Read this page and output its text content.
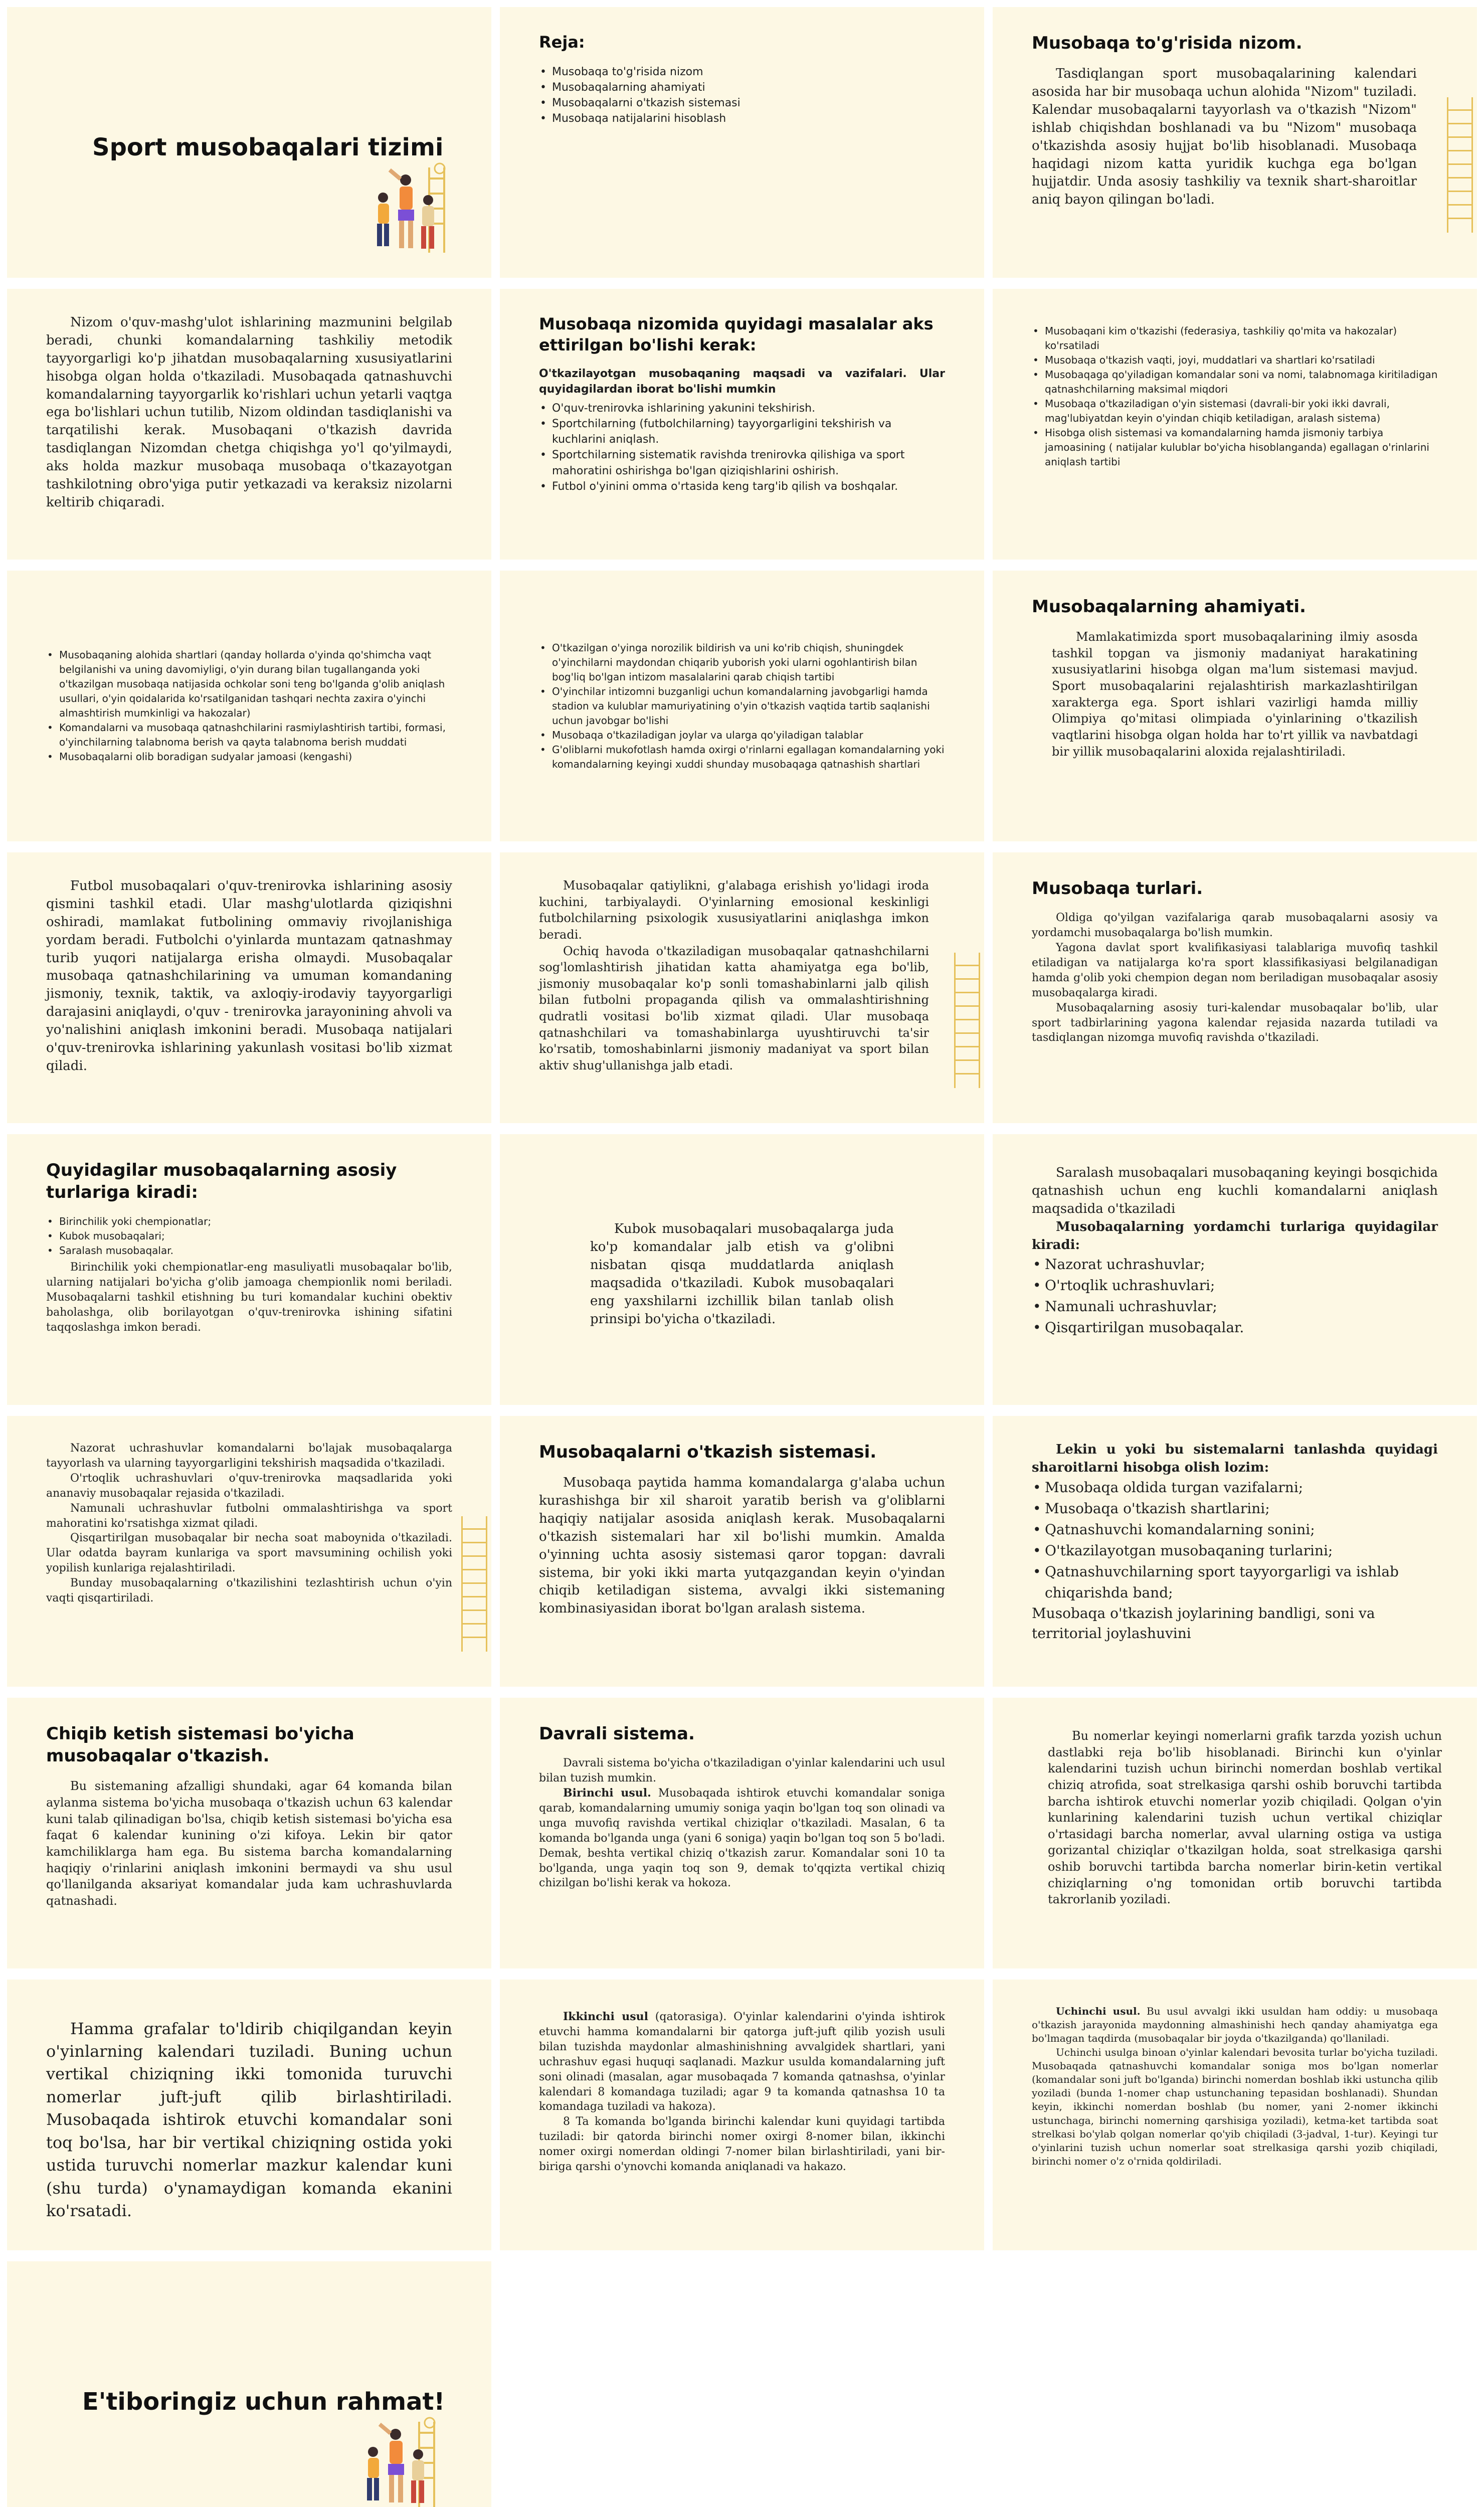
Sport musobaqalari tizimi
Reja:
• Musobaqa to'g'risida nizom
• Musobaqalarning ahamiyati
• Musobaqalarni o'tkazish sistemasi
• Musobaqa natijalarini hisoblash
Musobaqa to'g'risida nizom.
Tasdiqlangan sport musobaqalarining kalendari asosida har bir musobaqa uchun alohida "Nizom" tuziladi. Kalendar musobaqalarni tayyorlash va o'tkazish "Nizom" ishlab chiqishdan boshlanadi va bu "Nizom" musobaqa o'tkazishda asosiy hujjat bo'lib hisoblanadi. Musobaqa haqidagi nizom katta yuridik kuchga ega bo'lgan hujjatdir. Unda asosiy tashkiliy va texnik shart-sharoitlar aniq bayon qilingan bo'ladi.
Nizom o'quv-mashg'ulot ishlarining mazmunini belgilab beradi, chunki komandalarning tashkiliy metodik tayyorgarligi ko'p jihatdan musobaqalarning xususiyatlarini hisobga olgan holda o'tkaziladi. Musobaqada qatnashuvchi komandalarning tayyorgarlik ko'rishlari uchun yetarli vaqtga ega bo'lishlari uchun tutilib, Nizom oldindan tasdiqlanishi va tarqatilishi kerak. Musobaqani o'tkazish davrida tasdiqlangan Nizomdan chetga chiqishga yo'l qo'yilmaydi, aks holda mazkur musobaqa musobaqa o'tkazayotgan tashkilotning obro'yiga putir yetkazadi va keraksiz nizolarni keltirib chiqaradi.
Musobaqa nizomida quyidagi masalalar aks ettirilgan bo'lishi kerak:
O'tkazilayotgan musobaqaning maqsadi va vazifalari. Ular quyidagilardan iborat bo'lishi mumkin
• O'quv-trenirovka ishlarining yakunini tekshirish.
• Sportchilarning (futbolchilarning) tayyorgarligini tekshirish va kuchlarini aniqlash.
• Sportchilarning sistematik ravishda trenirovka qilishiga va sport mahoratini oshirishga bo'lgan qiziqishlarini oshirish.
• Futbol o'yinini omma o'rtasida keng targ'ib qilish va boshqalar.
• Musobaqani kim o'tkazishi (federasiya, tashkiliy qo'mita va hakozalar) ko'rsatiladi
• Musobaqa o'tkazish vaqti, joyi, muddatlari va shartlari ko'rsatiladi
• Musobaqaga qo'yiladigan komandalar soni va nomi, talabnomaga kiritiladigan qatnashchilarning maksimal miqdori
• Musobaqa o'tkaziladigan o'yin sistemasi (davrali-bir yoki ikki davrali, mag'lubiyatdan keyin o'yindan chiqib ketiladigan, aralash sistema)
• Hisobga olish sistemasi va komandalarning hamda jismoniy tarbiya jamoasining ( natijalar kulublar bo'yicha hisoblanganda) egallagan o'rinlarini aniqlash tartibi
• Musobaqaning alohida shartlari (qanday hollarda o'yinda qo'shimcha vaqt belgilanishi va uning davomiyligi, o'yin durang bilan tugallanganda yoki o'tkazilgan musobaqa natijasida ochkolar soni teng bo'lganda g'olib aniqlash usullari, o'yin qoidalarida ko'rsatilganidan tashqari nechta zaxira o'yinchi almashtirish mumkinligi va hakozalar)
• Komandalarni va musobaqa qatnashchilarini rasmiylashtirish tartibi, formasi, o'yinchilarning talabnoma berish va qayta talabnoma berish muddati
• Musobaqalarni olib boradigan sudyalar jamoasi (kengashi)
• O'tkazilgan o'yinga norozilik bildirish va uni ko'rib chiqish, shuningdek o'yinchilarni maydondan chiqarib yuborish yoki ularni ogohlantirish bilan bog'liq bo'lgan intizom masalalarini qarab chiqish tartibi
• O'yinchilar intizomni buzganligi uchun komandalarning javobgarligi hamda stadion va kulublar mamuriyatining o'yin o'tkazish vaqtida tartib saqlanishi uchun javobgar bo'lishi
• Musobaqa o'tkaziladigan joylar va ularga qo'yiladigan talablar
• G'oliblarni mukofotlash hamda oxirgi o'rinlarni egallagan komandalarning yoki komandalarning keyingi xuddi shunday musobaqaga qatnashish shartlari
Musobaqalarning ahamiyati.
Mamlakatimizda sport musobaqalarining ilmiy asosda tashkil topgan va jismoniy madaniyat harakatining xususiyatlarini hisobga olgan ma'lum sistemasi mavjud. Sport musobaqalarini rejalashtirish markazlashtirilgan xarakterga ega. Sport ishlari vazirligi hamda milliy Olimpiya qo'mitasi olimpiada o'yinlarining o'tkazilish vaqtlarini hisobga olgan holda har to'rt yillik va navbatdagi bir yillik musobaqalarini aloxida rejalashtiriladi.
Futbol musobaqalari o'quv-trenirovka ishlarining asosiy qismini tashkil etadi. Ular mashg'ulotlarda qiziqishni oshiradi, mamlakat futbolining ommaviy rivojlanishiga yordam beradi. Futbolchi o'yinlarda muntazam qatnashmay turib yuqori natijalarga erisha olmaydi. Musobaqalar musobaqa qatnashchilarining va umuman komandaning jismoniy, texnik, taktik, va axloqiy-irodaviy tayyorgarligi darajasini aniqlaydi, o'quv - trenirovka jarayonining ahvoli va yo'nalishini aniqlash imkonini beradi. Musobaqa natijalari o'quv-trenirovka ishlarining yakunlash vositasi bo'lib xizmat qiladi.

Musobaqalar qatiylikni, g'alabaga erishish yo'lidagi iroda kuchini, tarbiyalaydi. O'yinlarning emosional keskinligi futbolchilarning psixologik xususiyatlarini aniqlashga imkon beradi.

Ochiq havoda o'tkaziladigan musobaqalar qatnashchilarni sog'lomlashtirish jihatidan katta ahamiyatga ega bo'lib, jismoniy musobaqalar ko'p sonli tomashabinlarni jalb qilish bilan futbolni propaganda qilish va ommalashtirishning qudratli vositasi bo'lib xizmat qiladi. Ular musobaqa qatnashchilari va tomashabinlarga uyushtiruvchi ta'sir ko'rsatib, tomoshabinlarni jismoniy madaniyat va sport bilan aktiv shug'ullanishga jalb etadi.

Musobaqa turlari.

Oldiga qo'yilgan vazifalariga qarab musobaqalarni asosiy va yordamchi musobaqalarga bo'lish mumkin.

Yagona davlat sport kvalifikasiyasi talablariga muvofiq tashkil etiladigan va natijalarga ko'ra sport klassifikasiyasi belgilanadigan hamda g'olib yoki chempion degan nom beriladigan musobaqalar asosiy musobaqalarga kiradi.

Musobaqalarning asosiy turi-kalendar musobaqalar bo'lib, ular sport tadbirlarining yagona kalendar rejasida nazarda tutiladi va tasdiqlangan nizomga muvofiq ravishda o'tkaziladi.

Quyidagilar musobaqalarning asosiy turlariga kiradi:
• Birinchilik yoki chempionatlar;
• Kubok musobaqalari;
• Saralash musobaqalar.
Birinchilik yoki chempionatlar-eng masuliyatli musobaqalar bo'lib, ularning natijalari bo'yicha g'olib jamoaga chempionlik nomi beriladi. Musobaqalarni tashkil etishning bu turi komandalar kuchini obektiv baholashga, olib borilayotgan o'quv-trenirovka ishining sifatini taqqoslashga imkon beradi.
Kubok musobaqalari musobaqalarga juda ko'p komandalar jalb etish va g'olibni nisbatan qisqa muddatlarda aniqlash maqsadida o'tkaziladi. Kubok musobaqalari eng yaxshilarni izchillik bilan tanlab olish prinsipi bo'yicha o'tkaziladi.
Saralash musobaqalari musobaqaning keyingi bosqichida qatnashish uchun eng kuchli komandalarni aniqlash maqsadida o'tkaziladi
Musobaqalarning yordamchi turlariga quyidagilar kiradi:
• Nazorat uchrashuvlar;
• O'rtoqlik uchrashuvlari;
• Namunali uchrashuvlar;
• Qisqartirilgan musobaqalar.

Nazorat uchrashuvlar komandalarni bo'lajak musobaqalarga tayyorlash va ularning tayyorgarligini tekshirish maqsadida o'tkaziladi.

O'rtoqlik uchrashuvlari o'quv-trenirovka maqsadlarida yoki ananaviy musobaqalar rejasida o'tkaziladi.

Namunali uchrashuvlar futbolni ommalashtirishga va sport mahoratini ko'rsatishga xizmat qiladi.

Qisqartirilgan musobaqalar bir necha soat maboynida o'tkaziladi. Ular odatda bayram kunlariga va sport mavsumining ochilish yoki yopilish kunlariga rejalashtiriladi.

Bunday musobaqalarning o'tkazilishini tezlashtirish uchun o'yin vaqti qisqartiriladi.

Musobaqalarni o'tkazish sistemasi.
Musobaqa paytida hamma komandalarga g'alaba uchun kurashishga bir xil sharoit yaratib berish va g'oliblarni haqiqiy natijalar asosida aniqlash kerak. Musobaqalarni o'tkazish sistemalari har xil bo'lishi mumkin. Amalda o'yinning uchta asosiy sistemasi qaror topgan: davrali sistema, bir yoki ikki marta yutqazgandan keyin o'yindan chiqib ketiladigan sistema, avvalgi ikki sistemaning kombinasiyasidan iborat bo'lgan aralash sistema.
Lekin u yoki bu sistemalarni tanlashda quyidagi sharoitlarni hisobga olish lozim:
• Musobaqa oldida turgan vazifalarni;
• Musobaqa o'tkazish shartlarini;
• Qatnashuvchi komandalarning sonini;
• O'tkazilayotgan musobaqaning turlarini;
• Qatnashuvchilarning sport tayyorgarligi va ishlab chiqarishda band;
Musobaqa o'tkazish joylarining bandligi, soni va territorial joylashuvini
Chiqib ketish sistemasi bo'yicha musobaqalar o'tkazish.
Bu sistemaning afzalligi shundaki, agar 64 komanda bilan aylanma sistema bo'yicha musobaqa o'tkazish uchun 63 kalendar kuni talab qilinadigan bo'lsa, chiqib ketish sistemasi bo'yicha esa faqat 6 kalendar kunining o'zi kifoya. Lekin bir qator kamchiliklarga ham ega. Bu sistema barcha komandalarning haqiqiy o'rinlarini aniqlash imkonini bermaydi va shu usul qo'llanilganda aksariyat komandalar juda kam uchrashuvlarda qatnashadi.
Davrali sistema.

Davrali sistema bo'yicha o'tkaziladigan o'yinlar kalendarini uch usul bilan tuzish mumkin.

Birinchi usul. Musobaqada ishtirok etuvchi komandalar soniga qarab, komandalarning umumiy soniga yaqin bo'lgan toq son olinadi va unga muvofiq ravishda vertikal chiziqlar o'tkaziladi. Masalan, 6 ta komanda bo'lganda unga (yani 6 soniga) yaqin bo'lgan toq son 5 bo'ladi. Demak, beshta vertikal chiziq o'tkazish zarur. Komandalar soni 10 ta bo'lganda, unga yaqin toq son 9, demak to'qqizta vertikal chiziq chizilgan bo'lishi kerak va hokoza.

Bu nomerlar keyingi nomerlarni grafik tarzda yozish uchun dastlabki reja bo'lib hisoblanadi. Birinchi kun o'yinlar kalendarini tuzish uchun birinchi nomerdan boshlab vertikal chiziq atrofida, soat strelkasiga qarshi oshib boruvchi tartibda barcha ishtirok etuvchi nomerlar yozib chiqiladi. Qolgan o'yin kunlarining kalendarini tuzish uchun vertikal chiziqlar o'rtasidagi barcha nomerlar, avval ularning ostiga va ustiga gorizantal chiziqlar o'tkazilgan holda, soat strelkasiga qarshi oshib boruvchi tartibda barcha nomerlar birin-ketin vertikal chiziqlarning o'ng tomonidan ortib boruvchi tartibda takrorlanib yoziladi.
Hamma grafalar to'ldirib chiqilgandan keyin o'yinlarning kalendari tuziladi. Buning uchun vertikal chiziqning ikki tomonida turuvchi nomerlar juft-juft qilib birlashtiriladi. Musobaqada ishtirok etuvchi komandalar soni toq bo'lsa, har bir vertikal chiziqning ostida yoki ustida turuvchi nomerlar mazkur kalendar kuni (shu turda) o'ynamaydigan komanda ekanini ko'rsatadi.

Ikkinchi usul (qatorasiga). O'yinlar kalendarini o'yinda ishtirok etuvchi hamma komandalarni bir qatorga juft-juft qilib yozish usuli bilan tuzishda maydonlar almashinishning avvalgidek shartlari, yani uchrashuv egasi huquqi saqlanadi. Mazkur usulda komandalarning juft soni olinadi (masalan, agar musobaqada 7 komanda qatnashsa, o'yinlar kalendari 8 komandaga tuziladi; agar 9 ta komanda qatnashsa 10 ta komandaga tuziladi va hakoza).

8 Ta komanda bo'lganda birinchi kalendar kuni quyidagi tartibda tuziladi: bir qatorda birinchi nomer oxirgi 8-nomer bilan, ikkinchi nomer oxirgi nomerdan oldingi 7-nomer bilan birlashtiriladi, yani bir-biriga qarshi o'ynovchi komanda aniqlanadi va hakazo.

Uchinchi usul. Bu usul avvalgi ikki usuldan ham oddiy: u musobaqa o'tkazish jarayonida maydonning almashinishi hech qanday ahamiyatga ega bo'lmagan taqdirda (musobaqalar bir joyda o'tkazilganda) qo'llaniladi.

Uchinchi usulga binoan o'yinlar kalendari bevosita turlar bo'yicha tuziladi. Musobaqada qatnashuvchi komandalar soniga mos bo'lgan nomerlar (komandalar soni juft bo'lganda) birinchi nomerdan boshlab ikki ustuncha qilib yoziladi (bunda 1-nomer chap ustunchaning tepasidan boshlanadi). Shundan keyin, ikkinchi nomerdan boshlab (bu nomer, yani 2-nomer ikkinchi ustunchaga, birinchi nomerning qarshisiga yoziladi), ketma-ket tartibda soat strelkasi bo'ylab qolgan nomerlar qo'yib chiqiladi (3-jadval, 1-tur). Keyingi tur o'yinlarini tuzish uchun nomerlar soat strelkasiga qarshi yozib chiqiladi, birinchi nomer o'z o'rnida qoldiriladi.

E'tiboringiz uchun rahmat!
